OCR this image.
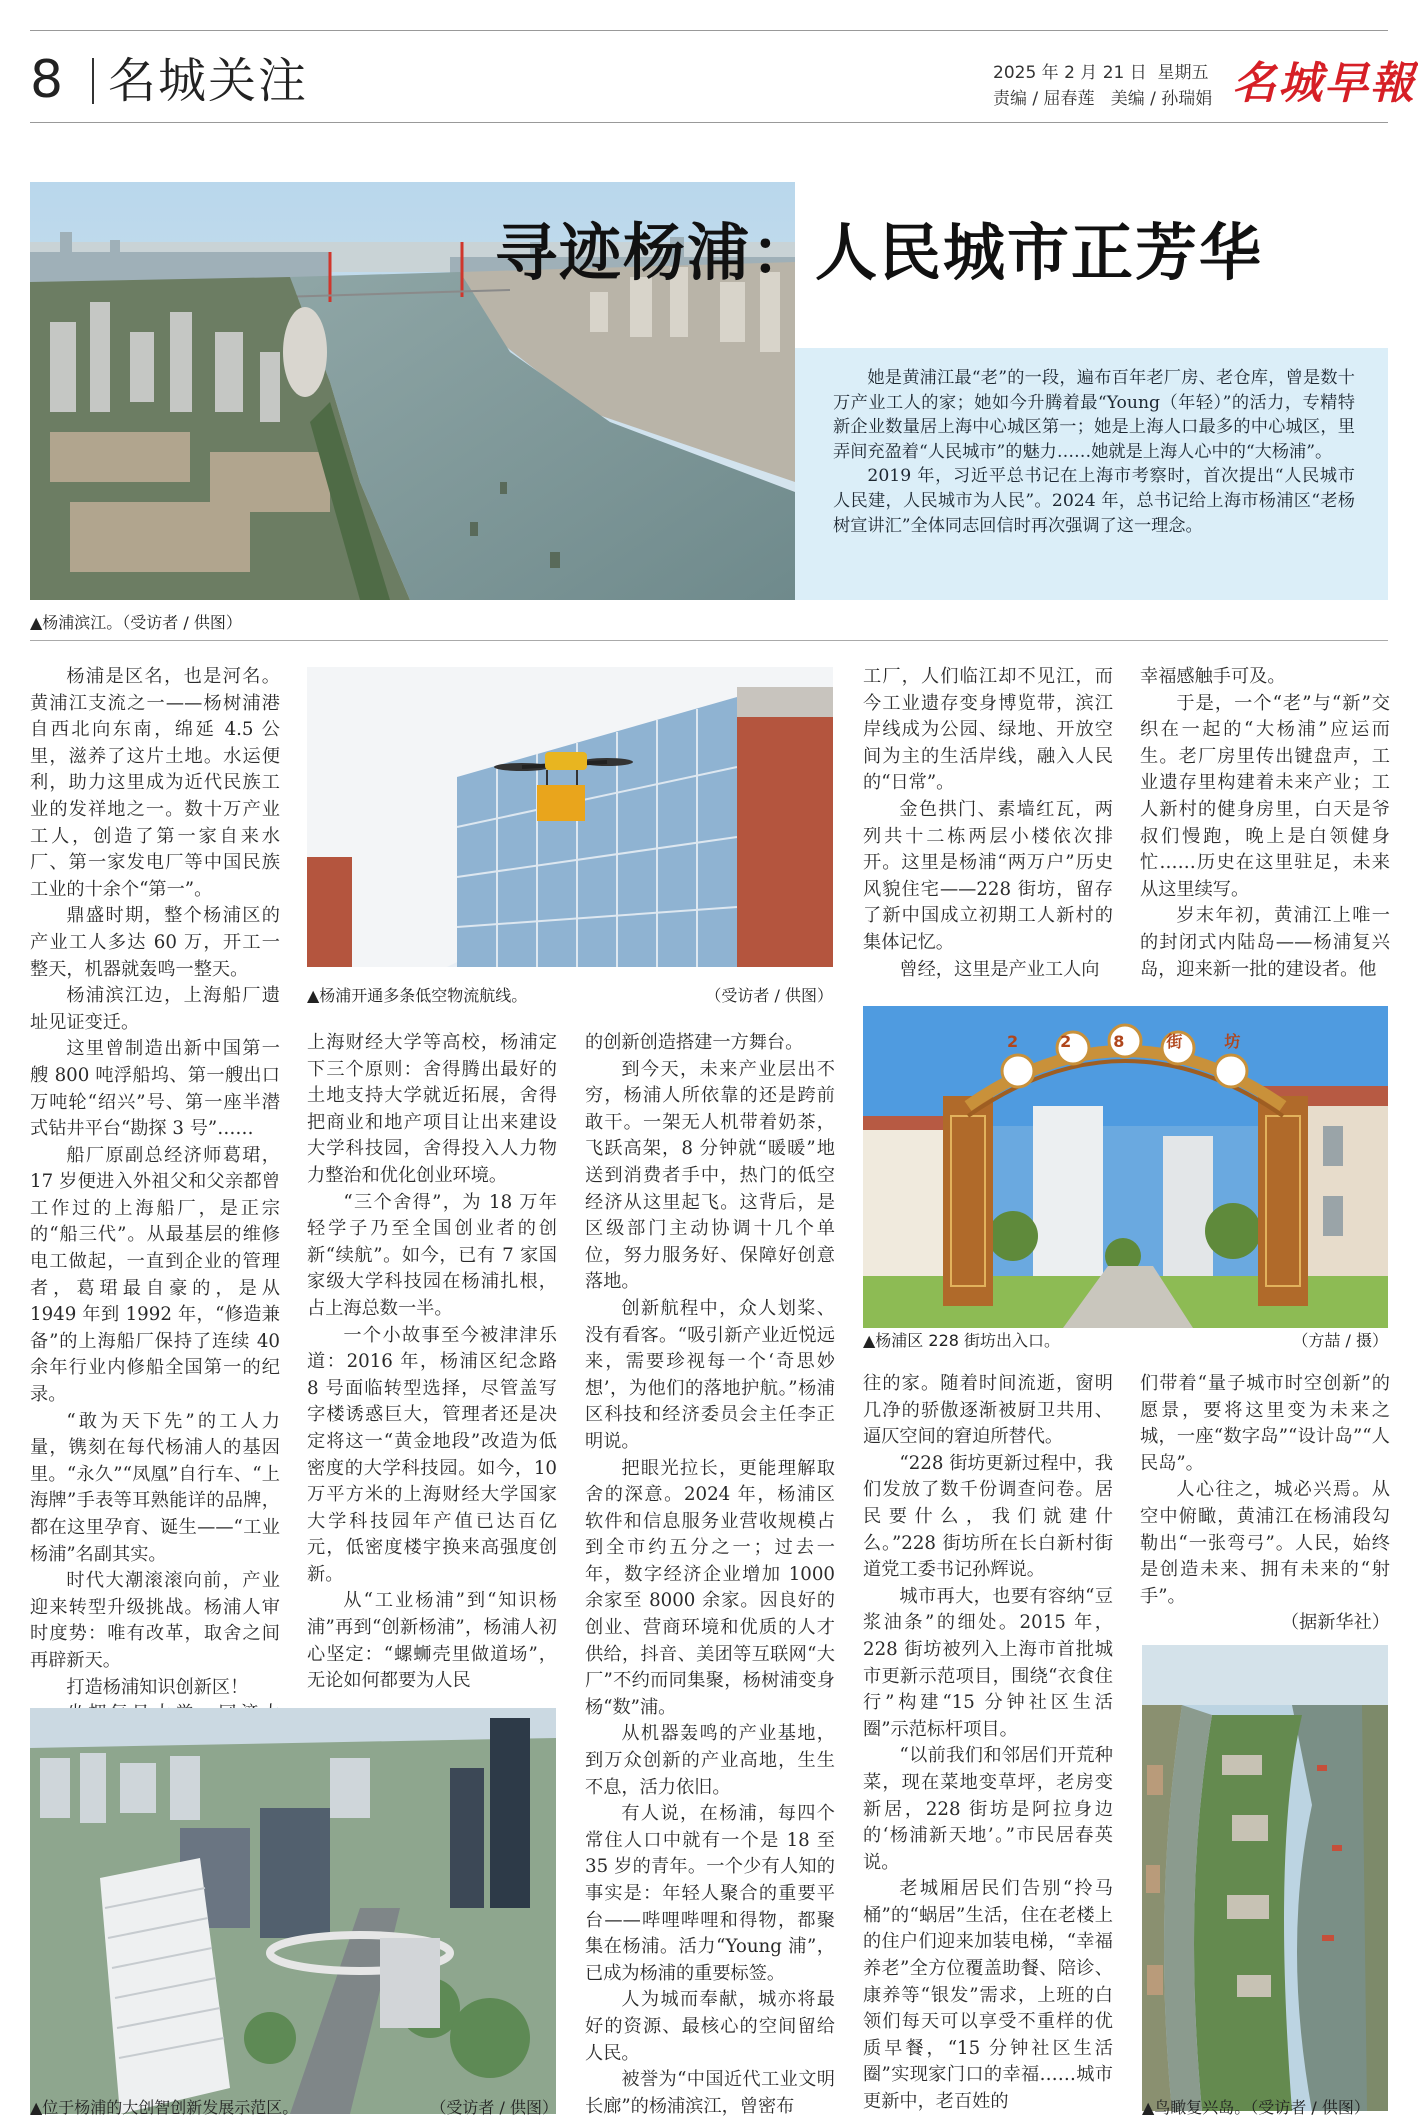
8 名城关注	2025 年 2 月 21 日  星期五
责编 / 屈春莲   美编 / 孙瑞娟 名城早報
寻迹杨浦：人民城市正芳华

她是黄浦江最“老”的一段，遍布百年老厂房、老仓库，曾是数十万产业工人的家；她如今升腾着最“Young（年轻）”的活力，专精特新企业数量居上海中心城区第一；她是上海人口最多的中心城区，里弄间充盈着“人民城市”的魅力……她就是上海人心中的“大杨浦”。

2019 年，习近平总书记在上海市考察时，首次提出“人民城市人民建，人民城市为人民”。2024 年，总书记给上海市杨浦区“老杨树宣讲汇”全体同志回信时再次强调了这一理念。

▲杨浦滨江。（受访者 / 供图）

杨浦是区名，也是河名。黄浦江支流之一——杨树浦港自西北向东南，绵延 4.5 公里，滋养了这片土地。水运便利，助力这里成为近代民族工业的发祥地之一。数十万产业工人，创造了第一家自来水厂、第一家发电厂等中国民族工业的十余个“第一”。

鼎盛时期，整个杨浦区的产业工人多达 60 万，开工一整天，机器就轰鸣一整天。

杨浦滨江边，上海船厂遗址见证变迁。

这里曾制造出新中国第一艘 800 吨浮船坞、第一艘出口万吨轮“绍兴”号、第一座半潜式钻井平台“勘探 3 号”……

船厂原副总经济师葛珺，17 岁便进入外祖父和父亲都曾工作过的上海船厂，是正宗的“船三代”。从最基层的维修电工做起，一直到企业的管理者，葛珺最自豪的，是从 1949 年到 1992 年，“修造兼备”的上海船厂保持了连续 40 余年行业内修船全国第一的纪录。

“敢为天下先”的工人力量，镌刻在每代杨浦人的基因里。“永久”“凤凰”自行车、“上海牌”手表等耳熟能详的品牌，都在这里孕育、诞生——“工业杨浦”名副其实。

时代大潮滚滚向前，产业迎来转型升级挑战。杨浦人审时度势：唯有改革，取舍之间再辟新天。

打造杨浦知识创新区！

▲杨浦开通多条低空物流航线。	（受访者 / 供图）

上海财经大学等高校，杨浦定下三个原则：舍得腾出最好的土地支持大学就近拓展，舍得把商业和地产项目让出来建设大学科技园，舍得投入人力物力整治和优化创业环境。

“三个舍得”，为 18 万年轻学子乃至全国创业者的创新“续航”。如今，已有 7 家国家级大学科技园在杨浦扎根，占上海总数一半。

一个小故事至今被津津乐道：2016 年，杨浦区纪念路 8 号面临转型选择，尽管盖写字楼诱惑巨大，管理者还是决定将这一“黄金地段”改造为低密度的大学科技园。如今，10 万平方米的上海财经大学国家大学科技园年产值已达百亿元，低密度楼宇换来高强度创新。

从“工业杨浦”到“知识杨浦”再到“创新杨浦”，杨浦人初心坚定：“螺蛳壳里做道场”，无论如何都要为人民

的创新创造搭建一方舞台。

到今天，未来产业层出不穷，杨浦人所依靠的还是跨前敢干。一架无人机带着奶茶，飞跃高架，8 分钟就“暖暖”地送到消费者手中，热门的低空经济从这里起飞。这背后，是区级部门主动协调十几个单位，努力服务好、保障好创意落地。

创新航程中，众人划桨、没有看客。“吸引新产业近悦远来，需要珍视每一个‘奇思妙想’，为他们的落地护航。”杨浦区科技和经济委员会主任李正明说。

把眼光拉长，更能理解取舍的深意。2024 年，杨浦区软件和信息服务业营收规模占到全市约五分之一；过去一年，数字经济企业增加 1000 余家至 8000 余家。因良好的创业、营商环境和优质的人才供给，抖音、美团等互联网“大厂”不约而同集聚，杨树浦变身杨“数”浦。

从机器轰鸣的产业基地，到万众创新的产业高地，生生不息，活力依旧。

有人说，在杨浦，每四个常住人口中就有一个是 18 至 35 岁的青年。一个少有人知的事实是：年轻人聚合的重要平台——哔哩哔哩和得物，都聚集在杨浦。活力“Young 浦”，已成为杨浦的重要标签。

人为城而奉献，城亦将最好的资源、最核心的空间留给人民。

被誉为“中国近代工业文明长廊”的杨浦滨江，曾密布

▲位于杨浦的大创智创新发展示范区。	（受访者 / 供图）

工厂，人们临江却不见江，而今工业遗存变身博览带，滨江岸线成为公园、绿地、开放空间为主的生活岸线，融入人民的“日常”。

金色拱门、素墙红瓦，两列共十二栋两层小楼依次排开。这里是杨浦“两万户”历史风貌住宅——228 街坊，留存了新中国成立初期工人新村的集体记忆。

曾经，这里是产业工人向

幸福感触手可及。

于是，一个“老”与“新”交织在一起的“大杨浦”应运而生。老厂房里传出键盘声，工业遗存里构建着未来产业；工人新村的健身房里，白天是爷叔们慢跑，晚上是白领健身忙……历史在这里驻足，未来从这里续写。

岁末年初，黄浦江上唯一的封闭式内陆岛——杨浦复兴岛，迎来新一批的建设者。他

228街坊
▲杨浦区 228 街坊出入口。	（方喆 / 摄）

往的家。随着时间流逝，窗明几净的骄傲逐渐被厨卫共用、逼仄空间的窘迫所替代。

“228 街坊更新过程中，我们发放了数千份调查问卷。居民要什么，我们就建什么。”228 街坊所在长白新村街道党工委书记孙辉说。

城市再大，也要有容纳“豆浆油条”的细处。2015 年，228 街坊被列入上海市首批城市更新示范项目，围绕“衣食住行”构建“15 分钟社区生活圈”示范标杆项目。

“以前我们和邻居们开荒种菜，现在菜地变草坪，老房变新居，228 街坊是阿拉身边的‘杨浦新天地’。”市民居春英说。

老城厢居民们告别“拎马桶”的“蜗居”生活，住在老楼上的住户们迎来加装电梯，“幸福养老”全方位覆盖助餐、陪诊、康养等“银发”需求，上班的白领们每天可以享受不重样的优质早餐，“15 分钟社区生活圈”实现家门口的幸福……城市更新中，老百姓的

们带着“量子城市时空创新”的愿景，要将这里变为未来之城，一座“数字岛”“设计岛”“人民岛”。

人心往之，城必兴焉。从空中俯瞰，黄浦江在杨浦段勾勒出“一张弯弓”。人民，始终是创造未来、拥有未来的“射手”。

（据新华社）
▲鸟瞰复兴岛。（受访者 / 供图）
